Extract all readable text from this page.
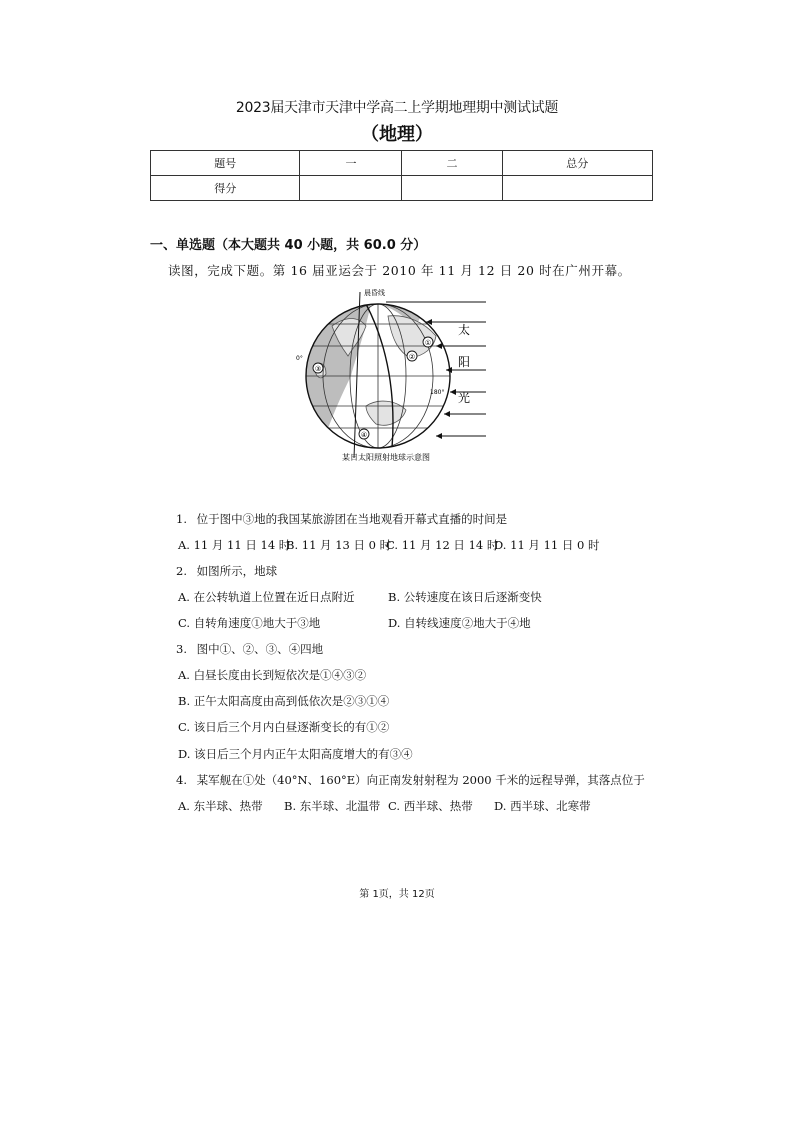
2023届天津市天津中学高二上学期地理期中测试试题
（地理）
题号	一	二	总分
得分			
一、单选题（本大题共 40 小题，共 60.0 分）
读图，完成下题。第 16 届亚运会于 2010 年 11 月 12 日 20 时在广州开幕。
①
②
③
④
晨昏线
0°
180°
太
阳
光
某日太阳照射地球示意图
1. 位于图中③地的我国某旅游团在当地观看开幕式直播的时间是
A. 11 月 11 日 14 时
B. 11 月 13 日 0 时
C. 11 月 12 日 14 时
D. 11 月 11 日 0 时
2. 如图所示，地球
A. 在公转轨道上位置在近日点附近	B. 公转速度在该日后逐渐变快
C. 自转角速度①地大于③地	D. 自转线速度②地大于④地
3. 图中①、②、③、④四地
A. 白昼长度由长到短依次是①④③②
B. 正午太阳高度由高到低依次是②③①④
C. 该日后三个月内白昼逐渐变长的有①②
D. 该日后三个月内正午太阳高度增大的有③④
4. 某军舰在①处（40°N、160°E）向正南发射射程为 2000 千米的远程导弹，其落点位于
A. 东半球、热带 B. 东半球、北温带 C. 西半球、热带 D. 西半球、北寒带
第 1页，共 12页
